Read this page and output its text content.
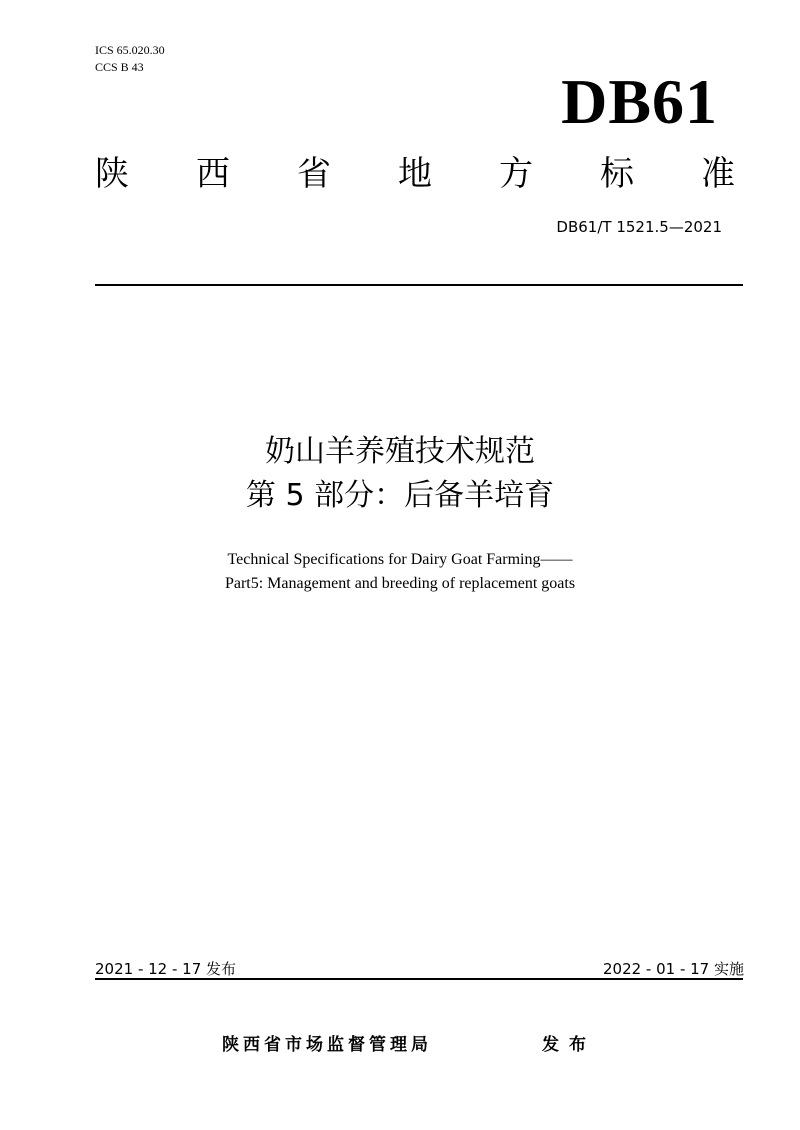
ICS 65.020.30
CCS B 43	DB61
陕 西 省 地 方 标 准
DB61/T 1521.5—2021
奶山羊养殖技术规范
第 5 部分：后备羊培育
Technical Specifications for Dairy Goat Farming——
Part5: Management and breeding of replacement goats
2021 - 12 - 17 发布	2022 - 01 - 17 实施
陕西省市场监督管理局	发布
